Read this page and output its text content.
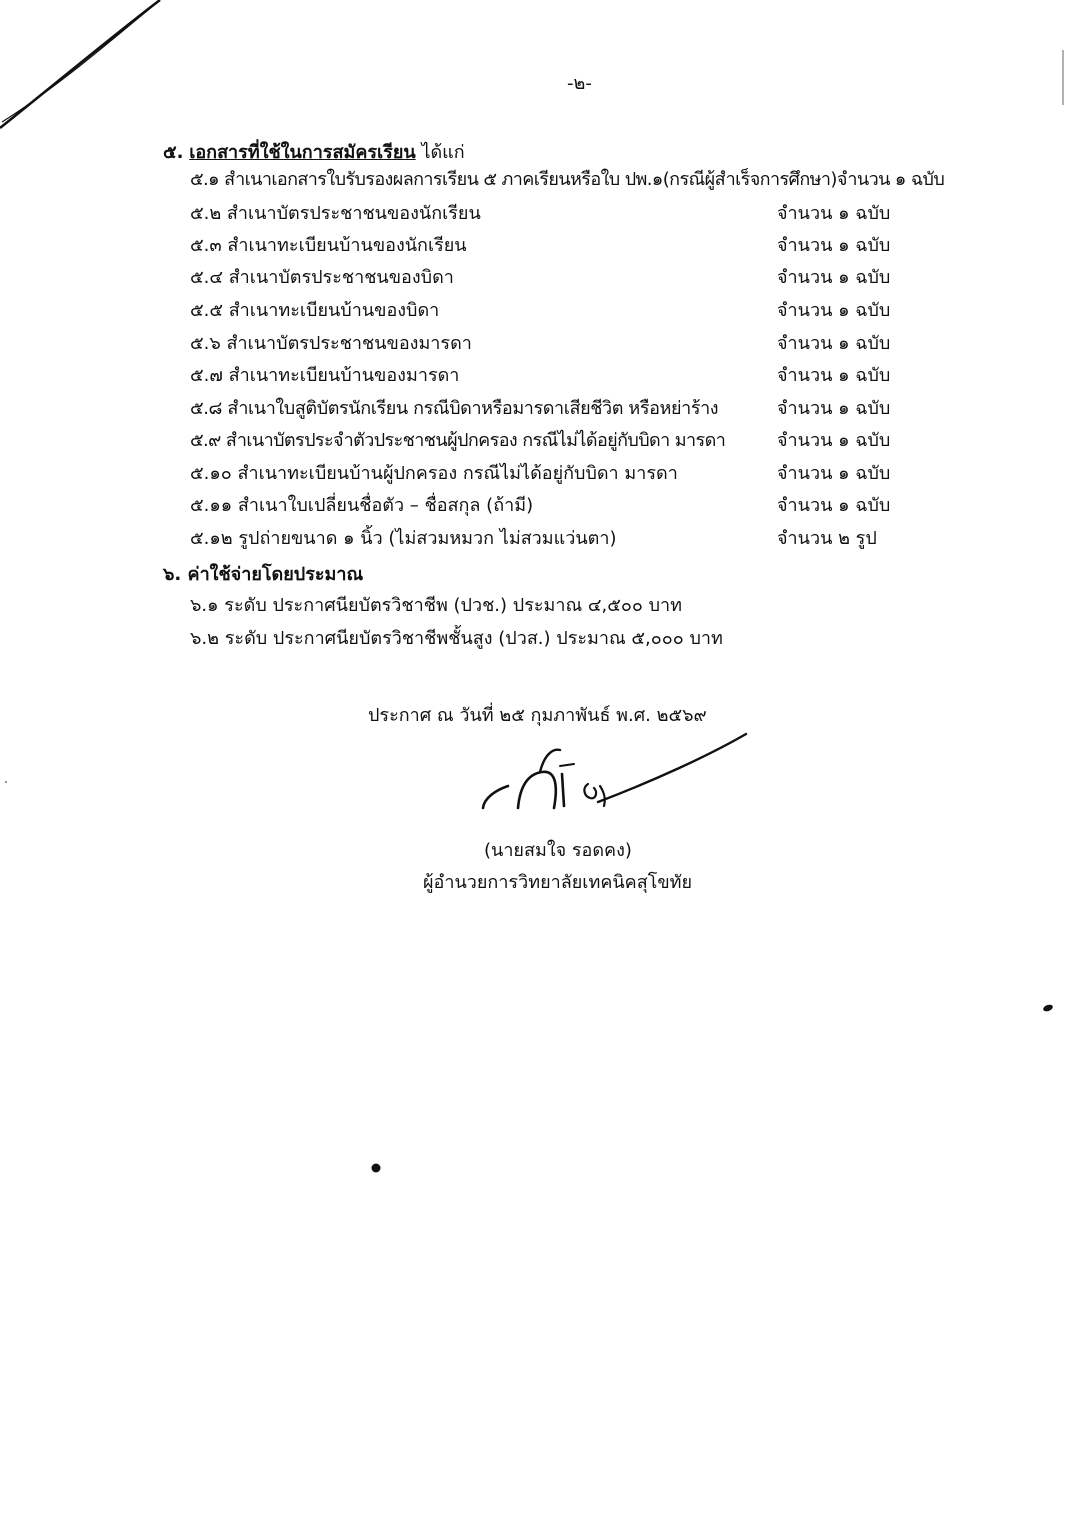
-๒-
๕. เอกสารที่ใช้ในการสมัครเรียน ได้แก่
๕.๑ สำเนาเอกสารใบรับรองผลการเรียน ๕ ภาคเรียนหรือใบ ปพ.๑(กรณีผู้สำเร็จการศึกษา)จำนวน ๑ ฉบับ
๕.๒ สำเนาบัตรประชาชนของนักเรียน	จำนวน ๑ ฉบับ
๕.๓ สำเนาทะเบียนบ้านของนักเรียน	จำนวน ๑ ฉบับ
๕.๔ สำเนาบัตรประชาชนของบิดา	จำนวน ๑ ฉบับ
๕.๕ สำเนาทะเบียนบ้านของบิดา	จำนวน ๑ ฉบับ
๕.๖ สำเนาบัตรประชาชนของมารดา	จำนวน ๑ ฉบับ
๕.๗ สำเนาทะเบียนบ้านของมารดา	จำนวน ๑ ฉบับ
๕.๘ สำเนาใบสูติบัตรนักเรียน กรณีบิดาหรือมารดาเสียชีวิต หรือหย่าร้าง	จำนวน ๑ ฉบับ
๕.๙ สำเนาบัตรประจำตัวประชาชนผู้ปกครอง กรณีไม่ได้อยู่กับบิดา มารดา	จำนวน ๑ ฉบับ
๕.๑๐ สำเนาทะเบียนบ้านผู้ปกครอง กรณีไม่ได้อยู่กับบิดา มารดา	จำนวน ๑ ฉบับ
๕.๑๑ สำเนาใบเปลี่ยนชื่อตัว – ชื่อสกุล (ถ้ามี)	จำนวน ๑ ฉบับ
๕.๑๒ รูปถ่ายขนาด ๑ นิ้ว (ไม่สวมหมวก ไม่สวมแว่นตา)	จำนวน ๒ รูป
๖. ค่าใช้จ่ายโดยประมาณ
๖.๑ ระดับ ประกาศนียบัตรวิชาชีพ (ปวช.) ประมาณ ๔,๕๐๐ บาท
๖.๒ ระดับ ประกาศนียบัตรวิชาชีพชั้นสูง (ปวส.) ประมาณ ๕,๐๐๐ บาท
ประกาศ ณ วันที่ ๒๕ กุมภาพันธ์ พ.ศ. ๒๕๖๙
(นายสมใจ รอดคง)
ผู้อำนวยการวิทยาลัยเทคนิคสุโขทัย
